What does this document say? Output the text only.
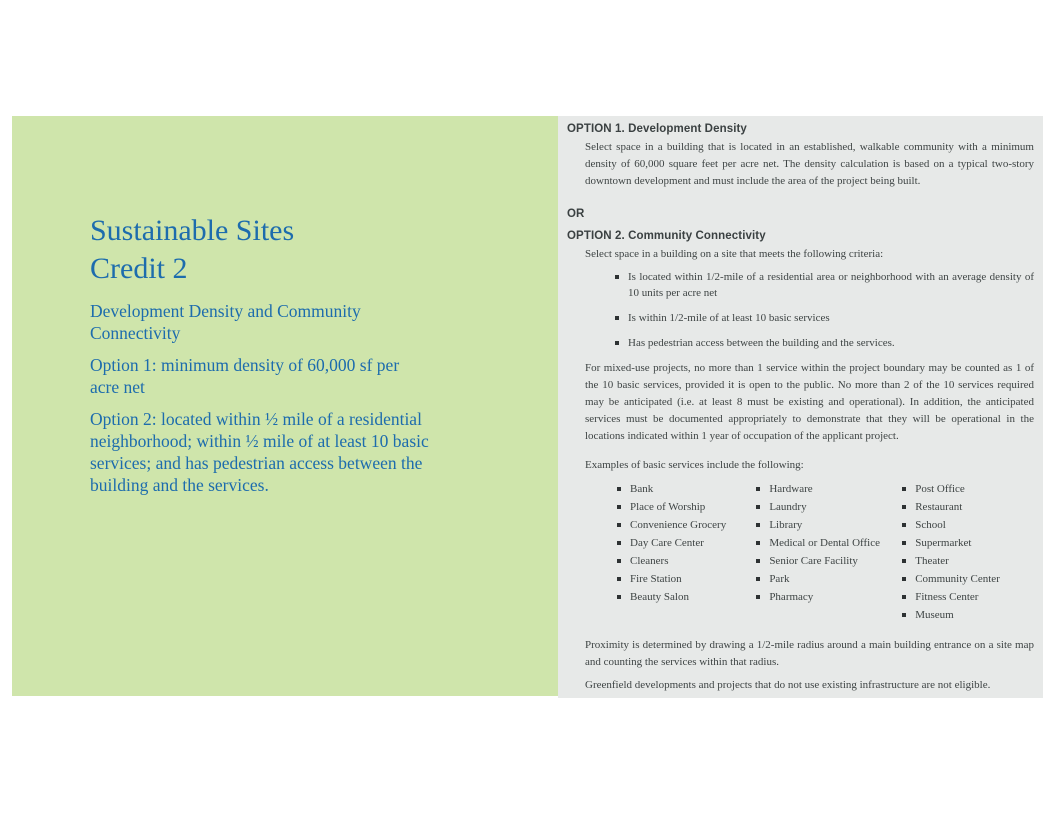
Sustainable Sites
Credit 2

Development Density and Community Connectivity

Option 1: minimum density of 60,000 sf per acre net

Option 2: located within ½ mile of a residential neighborhood; within ½ mile of at least 10 basic services; and has pedestrian access between the building and the services.

OPTION 1. Development Density

Select space in a building that is located in an established, walkable community with a minimum density of 60,000 square feet per acre net. The density calculation is based on a typical two-story downtown development and must include the area of the project being built.

OR
OPTION 2. Community Connectivity

Select space in a building on a site that meets the following criteria:

Is located within 1/2-mile of a residential area or neighborhood with an average density of 10 units per acre net
Is within 1/2-mile of at least 10 basic services
Has pedestrian access between the building and the services.

For mixed-use projects, no more than 1 service within the project boundary may be counted as 1 of the 10 basic services, provided it is open to the public. No more than 2 of the 10 services required may be anticipated (i.e. at least 8 must be existing and operational). In addition, the anticipated services must be documented appropriately to demonstrate that they will be operational in the locations indicated within 1 year of occupation of the applicant project.

Examples of basic services include the following:

Bank
Place of Worship
Convenience Grocery
Day Care Center
Cleaners
Fire Station
Beauty Salon
Hardware
Laundry
Library
Medical or Dental Office
Senior Care Facility
Park
Pharmacy
Post Office
Restaurant
School
Supermarket
Theater
Community Center
Fitness Center
Museum

Proximity is determined by drawing a 1/2-mile radius around a main building entrance on a site map and counting the services within that radius.

Greenfield developments and projects that do not use existing infrastructure are not eligible.
